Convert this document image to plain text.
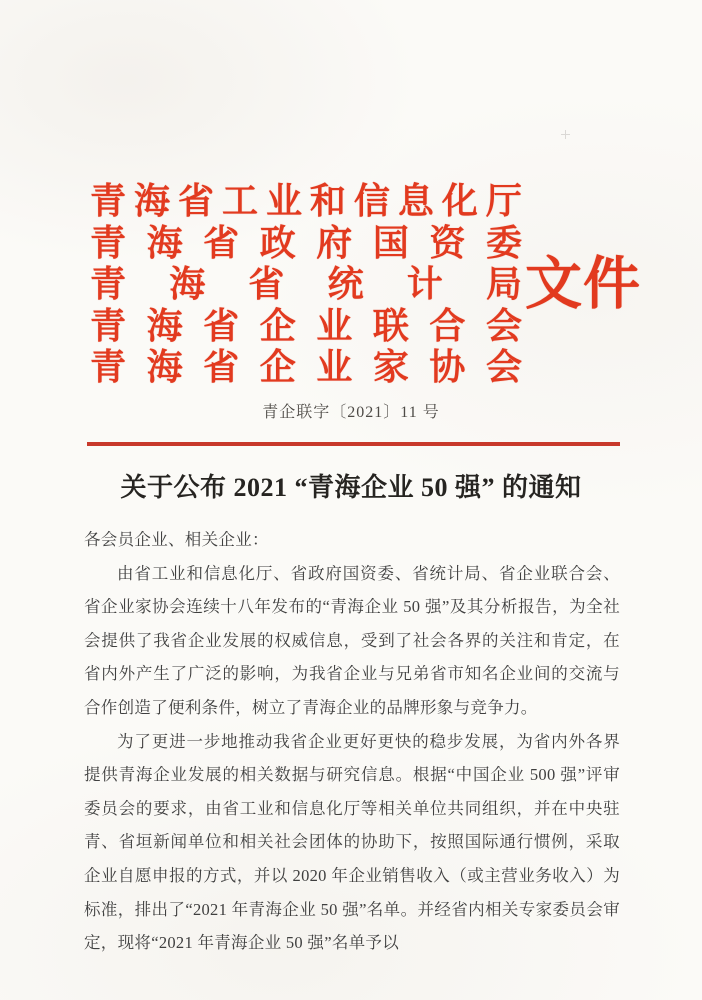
青 海 省 工 业 和 信 息 化 厅
青 海 省 政 府 国 资 委
青 海 省 统 计 局
青 海 省 企 业 联 合 会
青 海 省 企 业 家 协 会
文件
青企联字〔2021〕11 号
关于公布 2021 “青海企业 50 强” 的通知

各会员企业、相关企业：

由省工业和信息化厅、省政府国资委、省统计局、省企业联合会、省企业家协会连续十八年发布的“青海企业 50 强”及其分析报告，为全社会提供了我省企业发展的权威信息，受到了社会各界的关注和肯定，在省内外产生了广泛的影响，为我省企业与兄弟省市知名企业间的交流与合作创造了便利条件，树立了青海企业的品牌形象与竞争力。

为了更进一步地推动我省企业更好更快的稳步发展，为省内外各界提供青海企业发展的相关数据与研究信息。根据“中国企业 500 强”评审委员会的要求，由省工业和信息化厅等相关单位共同组织，并在中央驻青、省垣新闻单位和相关社会团体的协助下，按照国际通行惯例，采取企业自愿申报的方式，并以 2020 年企业销售收入（或主营业务收入）为标准，排出了“2021 年青海企业 50 强”名单。并经省内相关专家委员会审定，现将“2021 年青海企业 50 强”名单予以
